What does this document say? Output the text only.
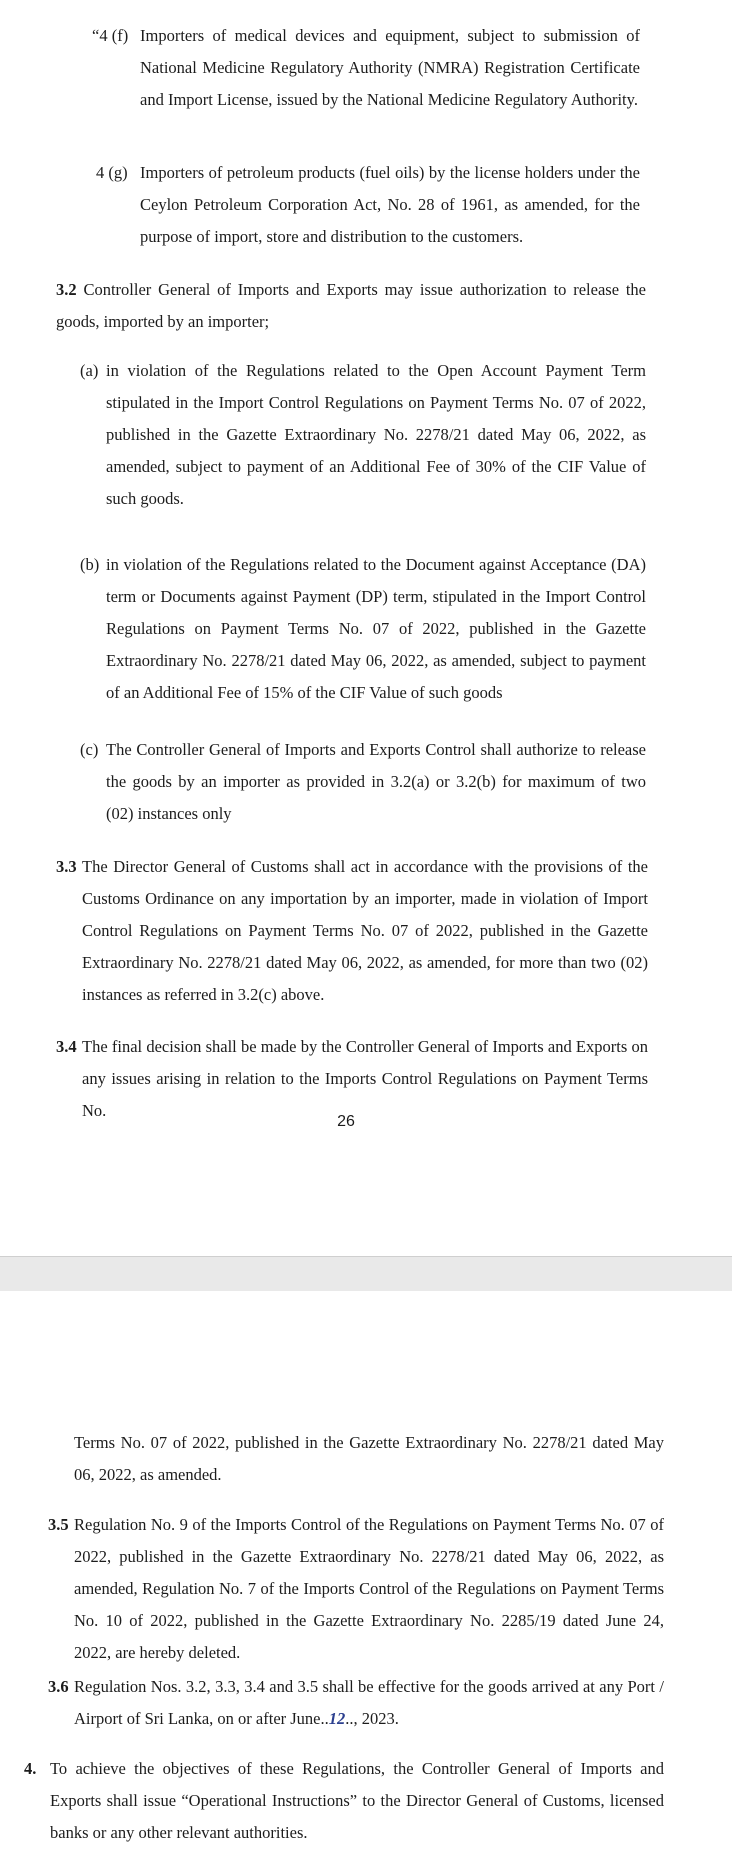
“4 (f) Importers of medical devices and equipment, subject to submission of National Medicine Regulatory Authority (NMRA) Registration Certificate and Import License, issued by the National Medicine Regulatory Authority.
4 (g) Importers of petroleum products (fuel oils) by the license holders under the Ceylon Petroleum Corporation Act, No. 28 of 1961, as amended, for the purpose of import, store and distribution to the customers.
3.2 Controller General of Imports and Exports may issue authorization to release the goods, imported by an importer;
(a) in violation of the Regulations related to the Open Account Payment Term stipulated in the Import Control Regulations on Payment Terms No. 07 of 2022, published in the Gazette Extraordinary No. 2278/21 dated May 06, 2022, as amended, subject to payment of an Additional Fee of 30% of the CIF Value of such goods.
(b) in violation of the Regulations related to the Document against Acceptance (DA) term or Documents against Payment (DP) term, stipulated in the Import Control Regulations on Payment Terms No. 07 of 2022, published in the Gazette Extraordinary No. 2278/21 dated May 06, 2022, as amended, subject to payment of an Additional Fee of 15% of the CIF Value of such goods
(c) The Controller General of Imports and Exports Control shall authorize to release the goods by an importer as provided in 3.2(a) or 3.2(b) for maximum of two (02) instances only
3.3 The Director General of Customs shall act in accordance with the provisions of the Customs Ordinance on any importation by an importer, made in violation of Import Control Regulations on Payment Terms No. 07 of 2022, published in the Gazette Extraordinary No. 2278/21 dated May 06, 2022, as amended, for more than two (02) instances as referred in 3.2(c) above.
3.4 The final decision shall be made by the Controller General of Imports and Exports on any issues arising in relation to the Imports Control Regulations on Payment Terms No.
26
Terms No. 07 of 2022, published in the Gazette Extraordinary No. 2278/21 dated May 06, 2022, as amended.
3.5 Regulation No. 9 of the Imports Control of the Regulations on Payment Terms No. 07 of 2022, published in the Gazette Extraordinary No. 2278/21 dated May 06, 2022, as amended, Regulation No. 7 of the Imports Control of the Regulations on Payment Terms No. 10 of 2022, published in the Gazette Extraordinary No. 2285/19 dated June 24, 2022, are hereby deleted.
3.6 Regulation Nos. 3.2, 3.3, 3.4 and 3.5 shall be effective for the goods arrived at any Port / Airport of Sri Lanka, on or after June..12.., 2023.
4. To achieve the objectives of these Regulations, the Controller General of Imports and Exports shall issue “Operational Instructions” to the Director General of Customs, licensed banks or any other relevant authorities.
